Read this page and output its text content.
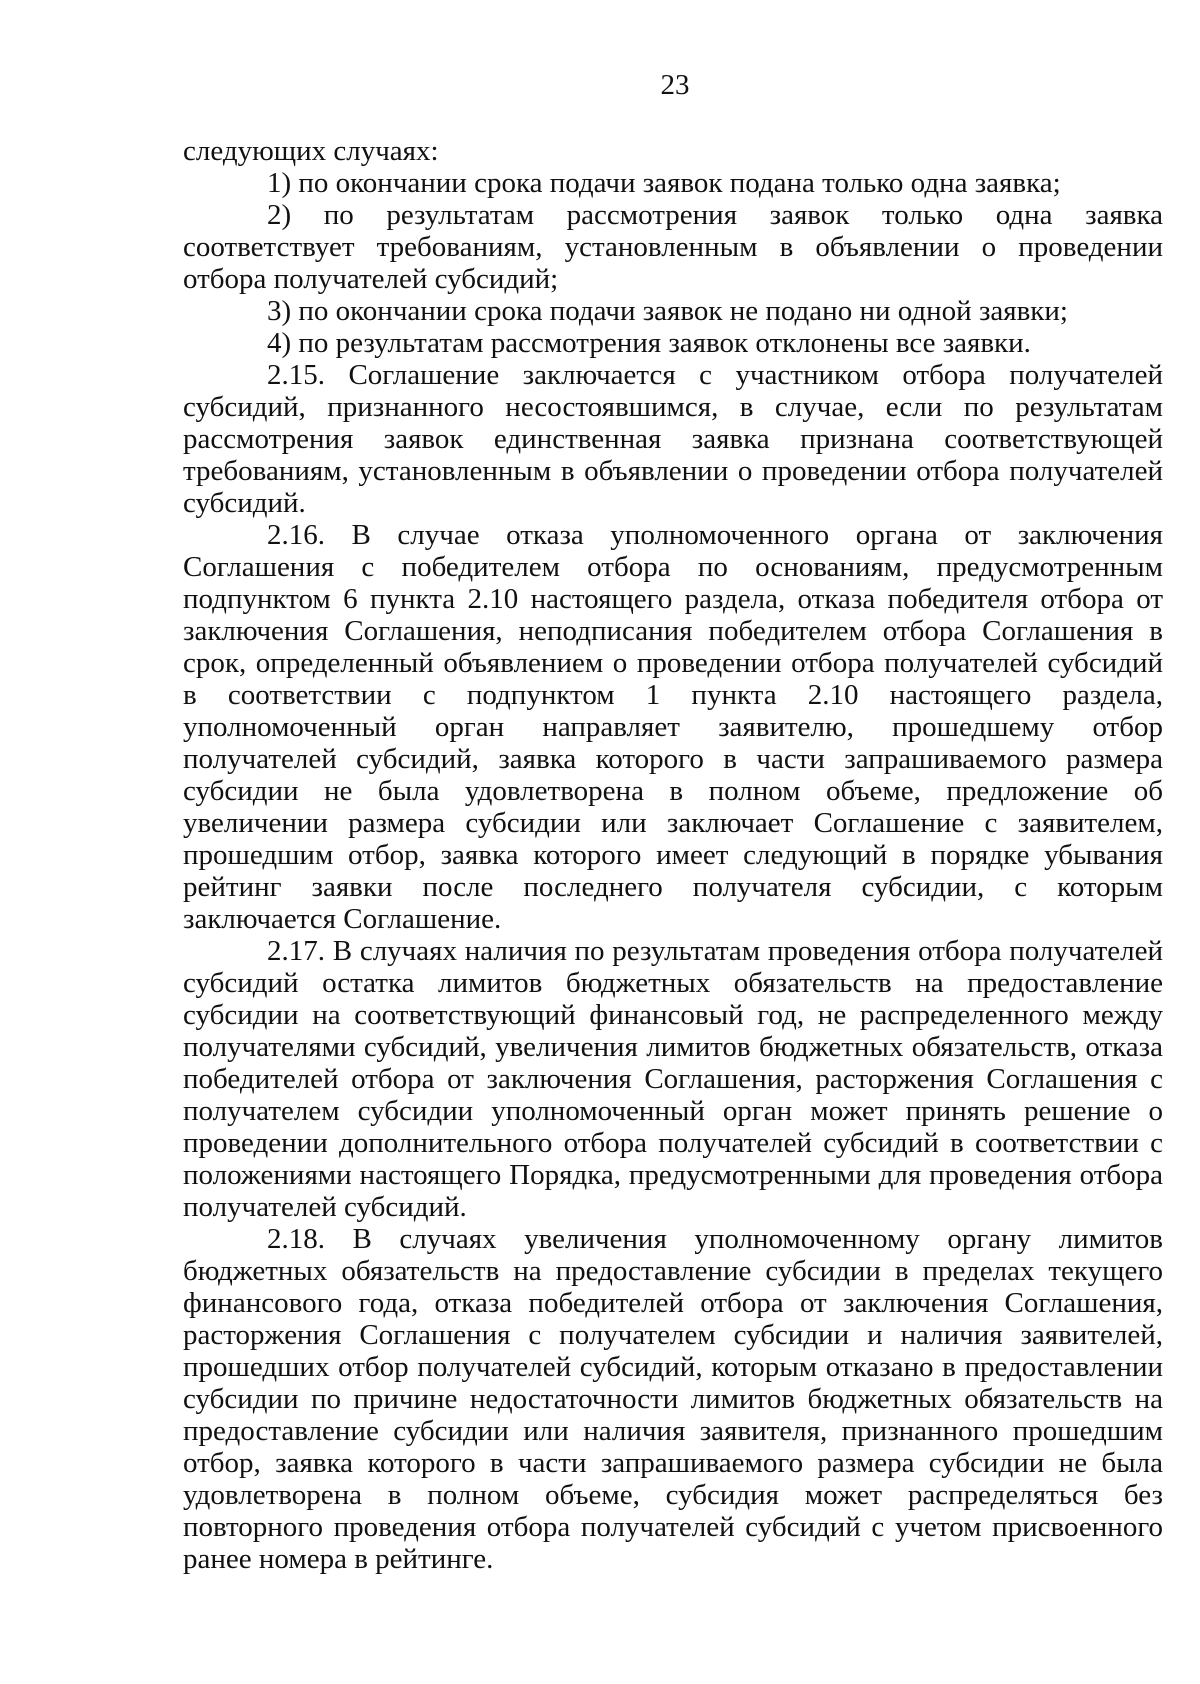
23

следующих случаях:

1) по окончании срока подачи заявок подана только одна заявка;

2) по результатам рассмотрения заявок только одна заявка соответствует требованиям, установленным в объявлении о проведении отбора получателей субсидий;

3) по окончании срока подачи заявок не подано ни одной заявки;

4) по результатам рассмотрения заявок отклонены все заявки.

2.15. Соглашение заключается с участником отбора получателей субсидий, признанного несостоявшимся, в случае, если по результатам рассмотрения заявок единственная заявка признана соответствующей требованиям, установленным в объявлении о проведении отбора получателей субсидий.

2.16. В случае отказа уполномоченного органа от заключения Соглашения с победителем отбора по основаниям, предусмотренным подпунктом 6 пункта 2.10 настоящего раздела, отказа победителя отбора от заключения Соглашения, неподписания победителем отбора Соглашения в срок, определенный объявлением о проведении отбора получателей субсидий в соответствии с подпунктом 1 пункта 2.10 настоящего раздела, уполномоченный орган направляет заявителю, прошедшему отбор получателей субсидий, заявка которого в части запрашиваемого размера субсидии не была удовлетворена в полном объеме, предложение об увеличении размера субсидии или заключает Соглашение с заявителем, прошедшим отбор, заявка которого имеет следующий в порядке убывания рейтинг заявки после последнего получателя субсидии, с которым заключается Соглашение.

2.17. В случаях наличия по результатам проведения отбора получателей субсидий остатка лимитов бюджетных обязательств на предоставление субсидии на соответствующий финансовый год, не распределенного между получателями субсидий, увеличения лимитов бюджетных обязательств, отказа победителей отбора от заключения Соглашения, расторжения Соглашения с получателем субсидии уполномоченный орган может принять решение о проведении дополнительного отбора получателей субсидий в соответствии с положениями настоящего Порядка, предусмотренными для проведения отбора получателей субсидий.

2.18. В случаях увеличения уполномоченному органу лимитов бюджетных обязательств на предоставление субсидии в пределах текущего финансового года, отказа победителей отбора от заключения Соглашения, расторжения Соглашения с получателем субсидии и наличия заявителей, прошедших отбор получателей субсидий, которым отказано в предоставлении субсидии по причине недостаточности лимитов бюджетных обязательств на предоставление субсидии или наличия заявителя, признанного прошедшим отбор, заявка которого в части запрашиваемого размера субсидии не была удовлетворена в полном объеме, субсидия может распределяться без повторного проведения отбора получателей субсидий с учетом присвоенного ранее номера в рейтинге.
